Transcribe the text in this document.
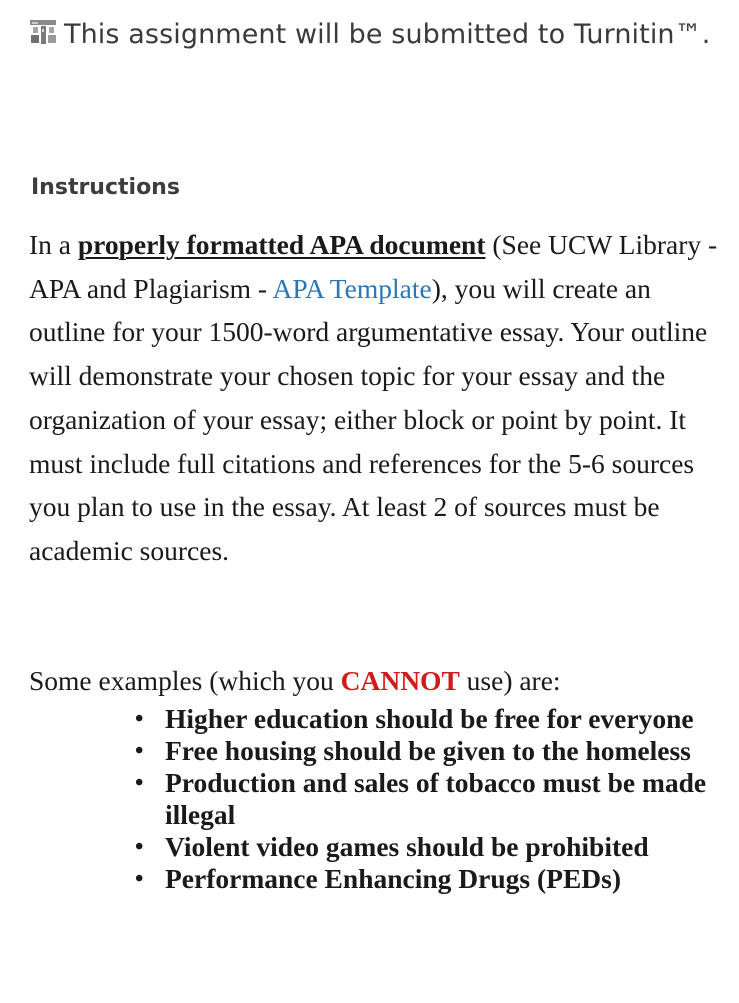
This assignment will be submitted to Turnitin™.
Instructions

In a properly formatted APA document (See UCW Library - APA and Plagiarism - APA Template), you will create an outline for your 1500-word argumentative essay. Your outline will demonstrate your chosen topic for your essay and the organization of your essay; either block or point by point. It must include full citations and references for the 5-6 sources you plan to use in the essay. At least 2 of sources must be academic sources.

Some examples (which you CANNOT use) are:

• Higher education should be free for everyone
• Free housing should be given to the homeless
• Production and sales of tobacco must be made illegal
• Violent video games should be prohibited
• Performance Enhancing Drugs (PEDs)
